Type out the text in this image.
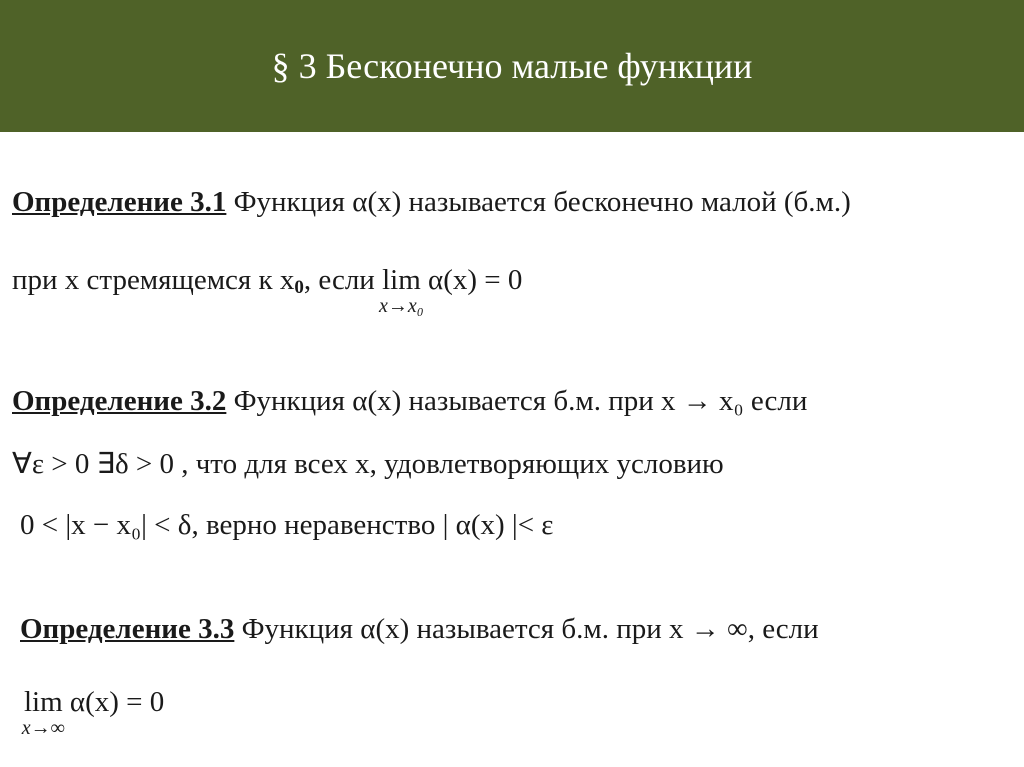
§ 3 Бесконечно малые функции
Определение 3.1 Функция α(x) называется бесконечно малой (б.м.)
при х стремящемся к x0, если lim
x→x₀
α(x) = 0
Определение 3.2 Функция α(x) называется б.м. при x → x₀ если
∀ε > 0 ∃δ > 0 , что для всех x, удовлетворяющих условию
0 < |x − x₀| < δ, верно неравенство | α(x) |< ε
Определение 3.3 Функция α(x) называется б.м. при x → ∞, если
lim
x→∞
α(x) = 0
